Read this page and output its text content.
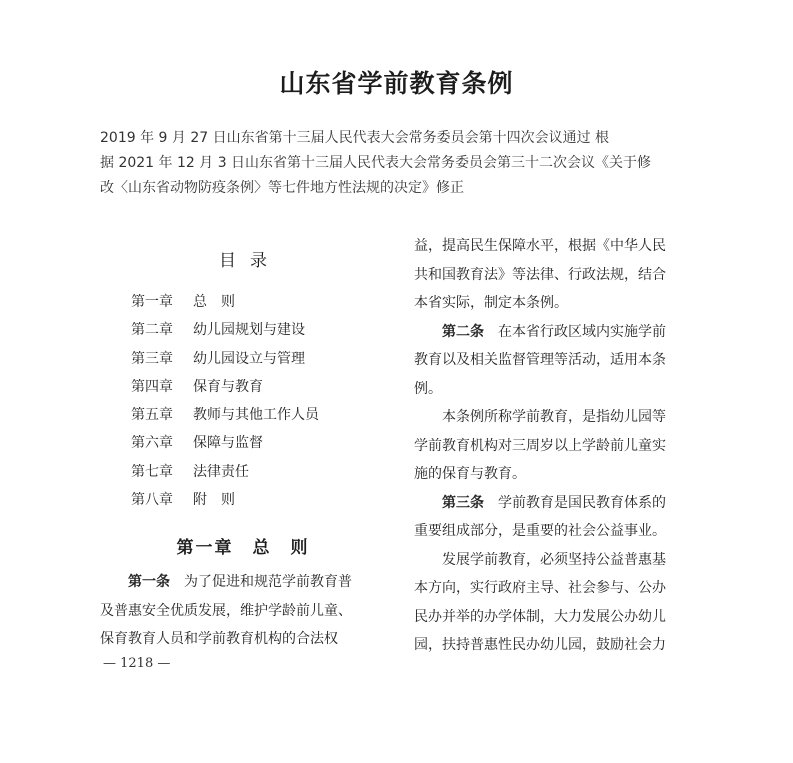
山东省学前教育条例
2019 年 9 月 27 日山东省第十三届人民代表大会常务委员会第十四次会议通过 根
据 2021 年 12 月 3 日山东省第十三届人民代表大会常务委员会第三十二次会议《关于修
改〈山东省动物防疫条例〉等七件地方性法规的决定》修正
目录
第一章 总　则
第二章 幼儿园规划与建设
第三章 幼儿园设立与管理
第四章 保育与教育
第五章 教师与其他工作人员
第六章 保障与监督
第七章 法律责任
第八章 附　则
第一章　总　则
第一条　 为了促进和规范学前教育普
及普惠安全优质发展，维护学龄前儿童、
保育教育人员和学前教育机构的合法权
益，提高民生保障水平，根据《中华人民
共和国教育法》等法律、行政法规，结合
本省实际，制定本条例。
第二条　 在本省行政区域内实施学前
教育以及相关监督管理等活动，适用本条
例。
本条例所称学前教育，是指幼儿园等
学前教育机构对三周岁以上学龄前儿童实
施的保育与教育。
第三条　 学前教育是国民教育体系的
重要组成部分，是重要的社会公益事业。
发展学前教育，必须坚持公益普惠基
本方向，实行政府主导、社会参与、公办
民办并举的办学体制，大力发展公办幼儿
园，扶持普惠性民办幼儿园，鼓励社会力
— 1218 —
